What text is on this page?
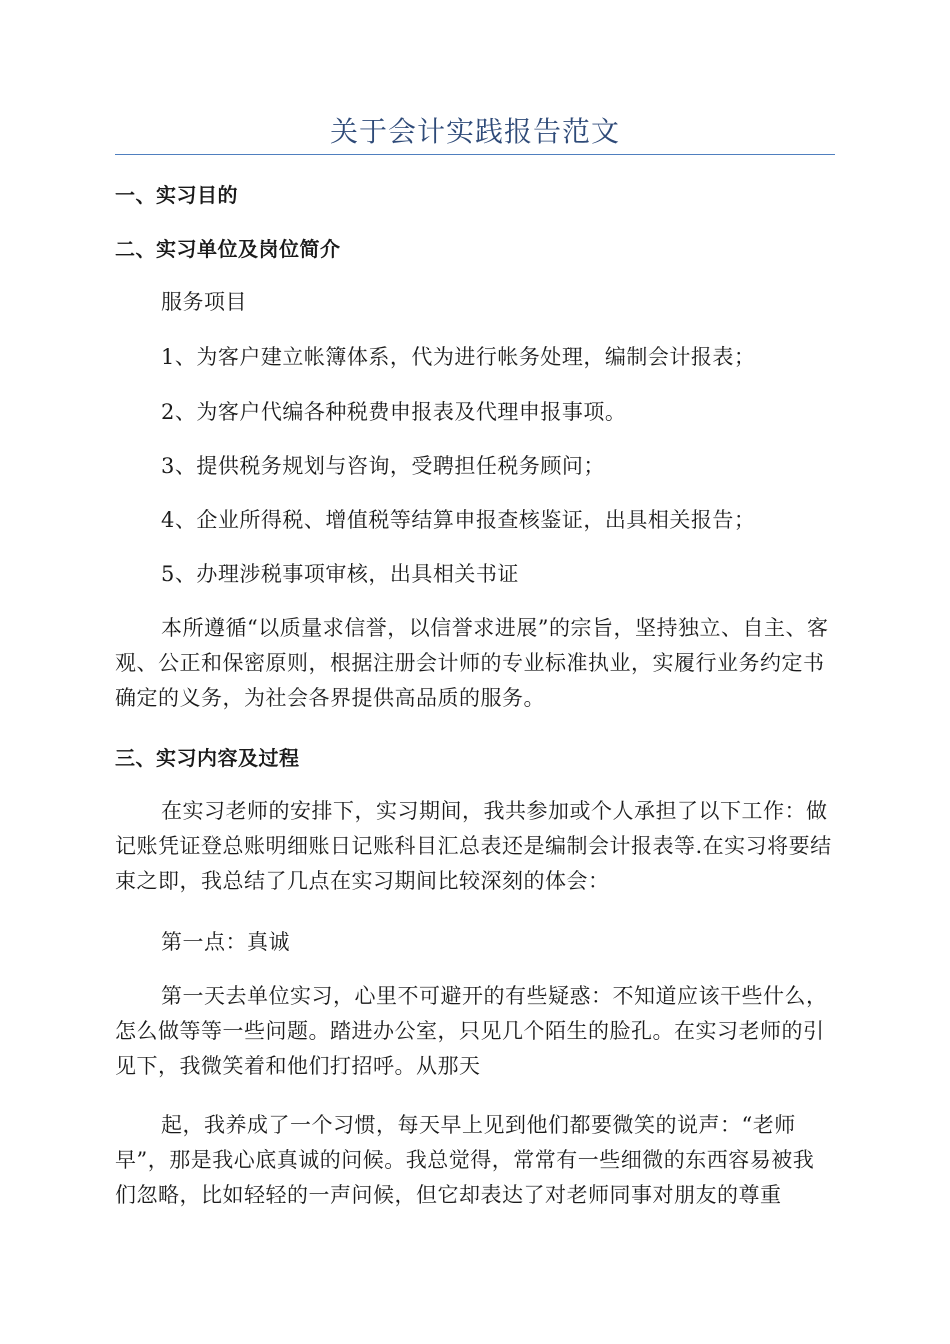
关于会计实践报告范文
一、实习目的
二、实习单位及岗位简介
服务项目
1、为客户建立帐簿体系，代为进行帐务处理，编制会计报表；
2、为客户代编各种税费申报表及代理申报事项。
3、提供税务规划与咨询，受聘担任税务顾问；
4、企业所得税、增值税等结算申报查核鉴证，出具相关报告；
5、办理涉税事项审核，出具相关书证
本所遵循“以质量求信誉，以信誉求进展”的宗旨，坚持独立、自主、客观、公正和保密原则，根据注册会计师的专业标准执业，实履行业务约定书确定的义务，为社会各界提供高品质的服务。
三、实习内容及过程
在实习老师的安排下，实习期间，我共参加或个人承担了以下工作：做记账凭证登总账明细账日记账科目汇总表还是编制会计报表等.在实习将要结束之即，我总结了几点在实习期间比较深刻的体会：
第一点：真诚
第一天去单位实习，心里不可避开的有些疑惑：不知道应该干些什么，怎么做等等一些问题。踏进办公室，只见几个陌生的脸孔。在实习老师的引见下，我微笑着和他们打招呼。从那天
起，我养成了一个习惯，每天早上见到他们都要微笑的说声：“老师早”，那是我心底真诚的问候。我总觉得，常常有一些细微的东西容易被我们忽略，比如轻轻的一声问候，但它却表达了对老师同事对朋友的尊重
